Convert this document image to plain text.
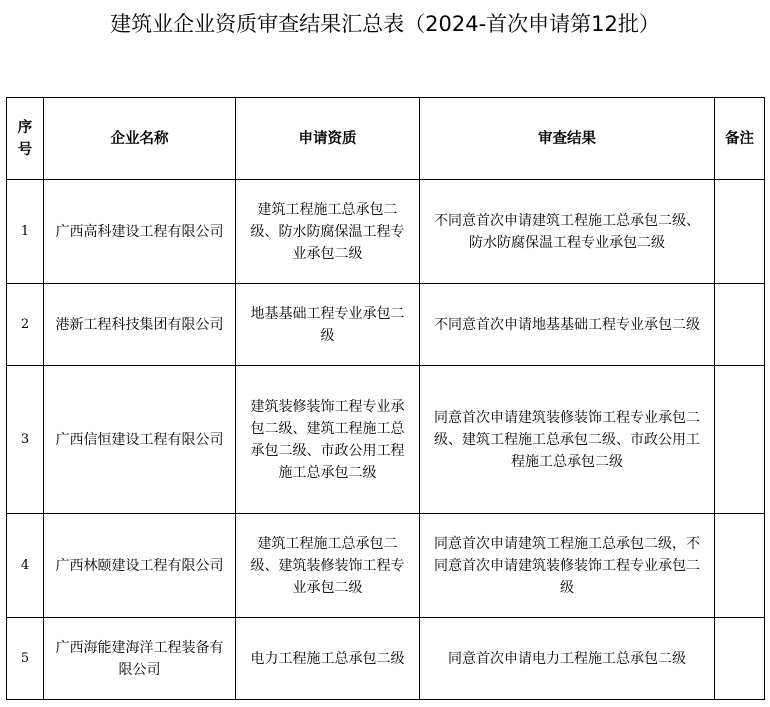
建筑业企业资质审查结果汇总表（2024-首次申请第12批）
序号	企业名称	申请资质	审查结果	备注
1	广西高科建设工程有限公司	建筑工程施工总承包二级、防水防腐保温工程专业承包二级	不同意首次申请建筑工程施工总承包二级、防水防腐保温工程专业承包二级	
2	港新工程科技集团有限公司	地基基础工程专业承包二级	不同意首次申请地基基础工程专业承包二级	
3	广西信恒建设工程有限公司	建筑装修装饰工程专业承包二级、建筑工程施工总承包二级、市政公用工程施工总承包二级	同意首次申请建筑装修装饰工程专业承包二级、建筑工程施工总承包二级、市政公用工程施工总承包二级	
4	广西林颐建设工程有限公司	建筑工程施工总承包二级、建筑装修装饰工程专业承包二级	同意首次申请建筑工程施工总承包二级，不同意首次申请建筑装修装饰工程专业承包二级	
5	广西海能建海洋工程装备有限公司	电力工程施工总承包二级	同意首次申请电力工程施工总承包二级	
